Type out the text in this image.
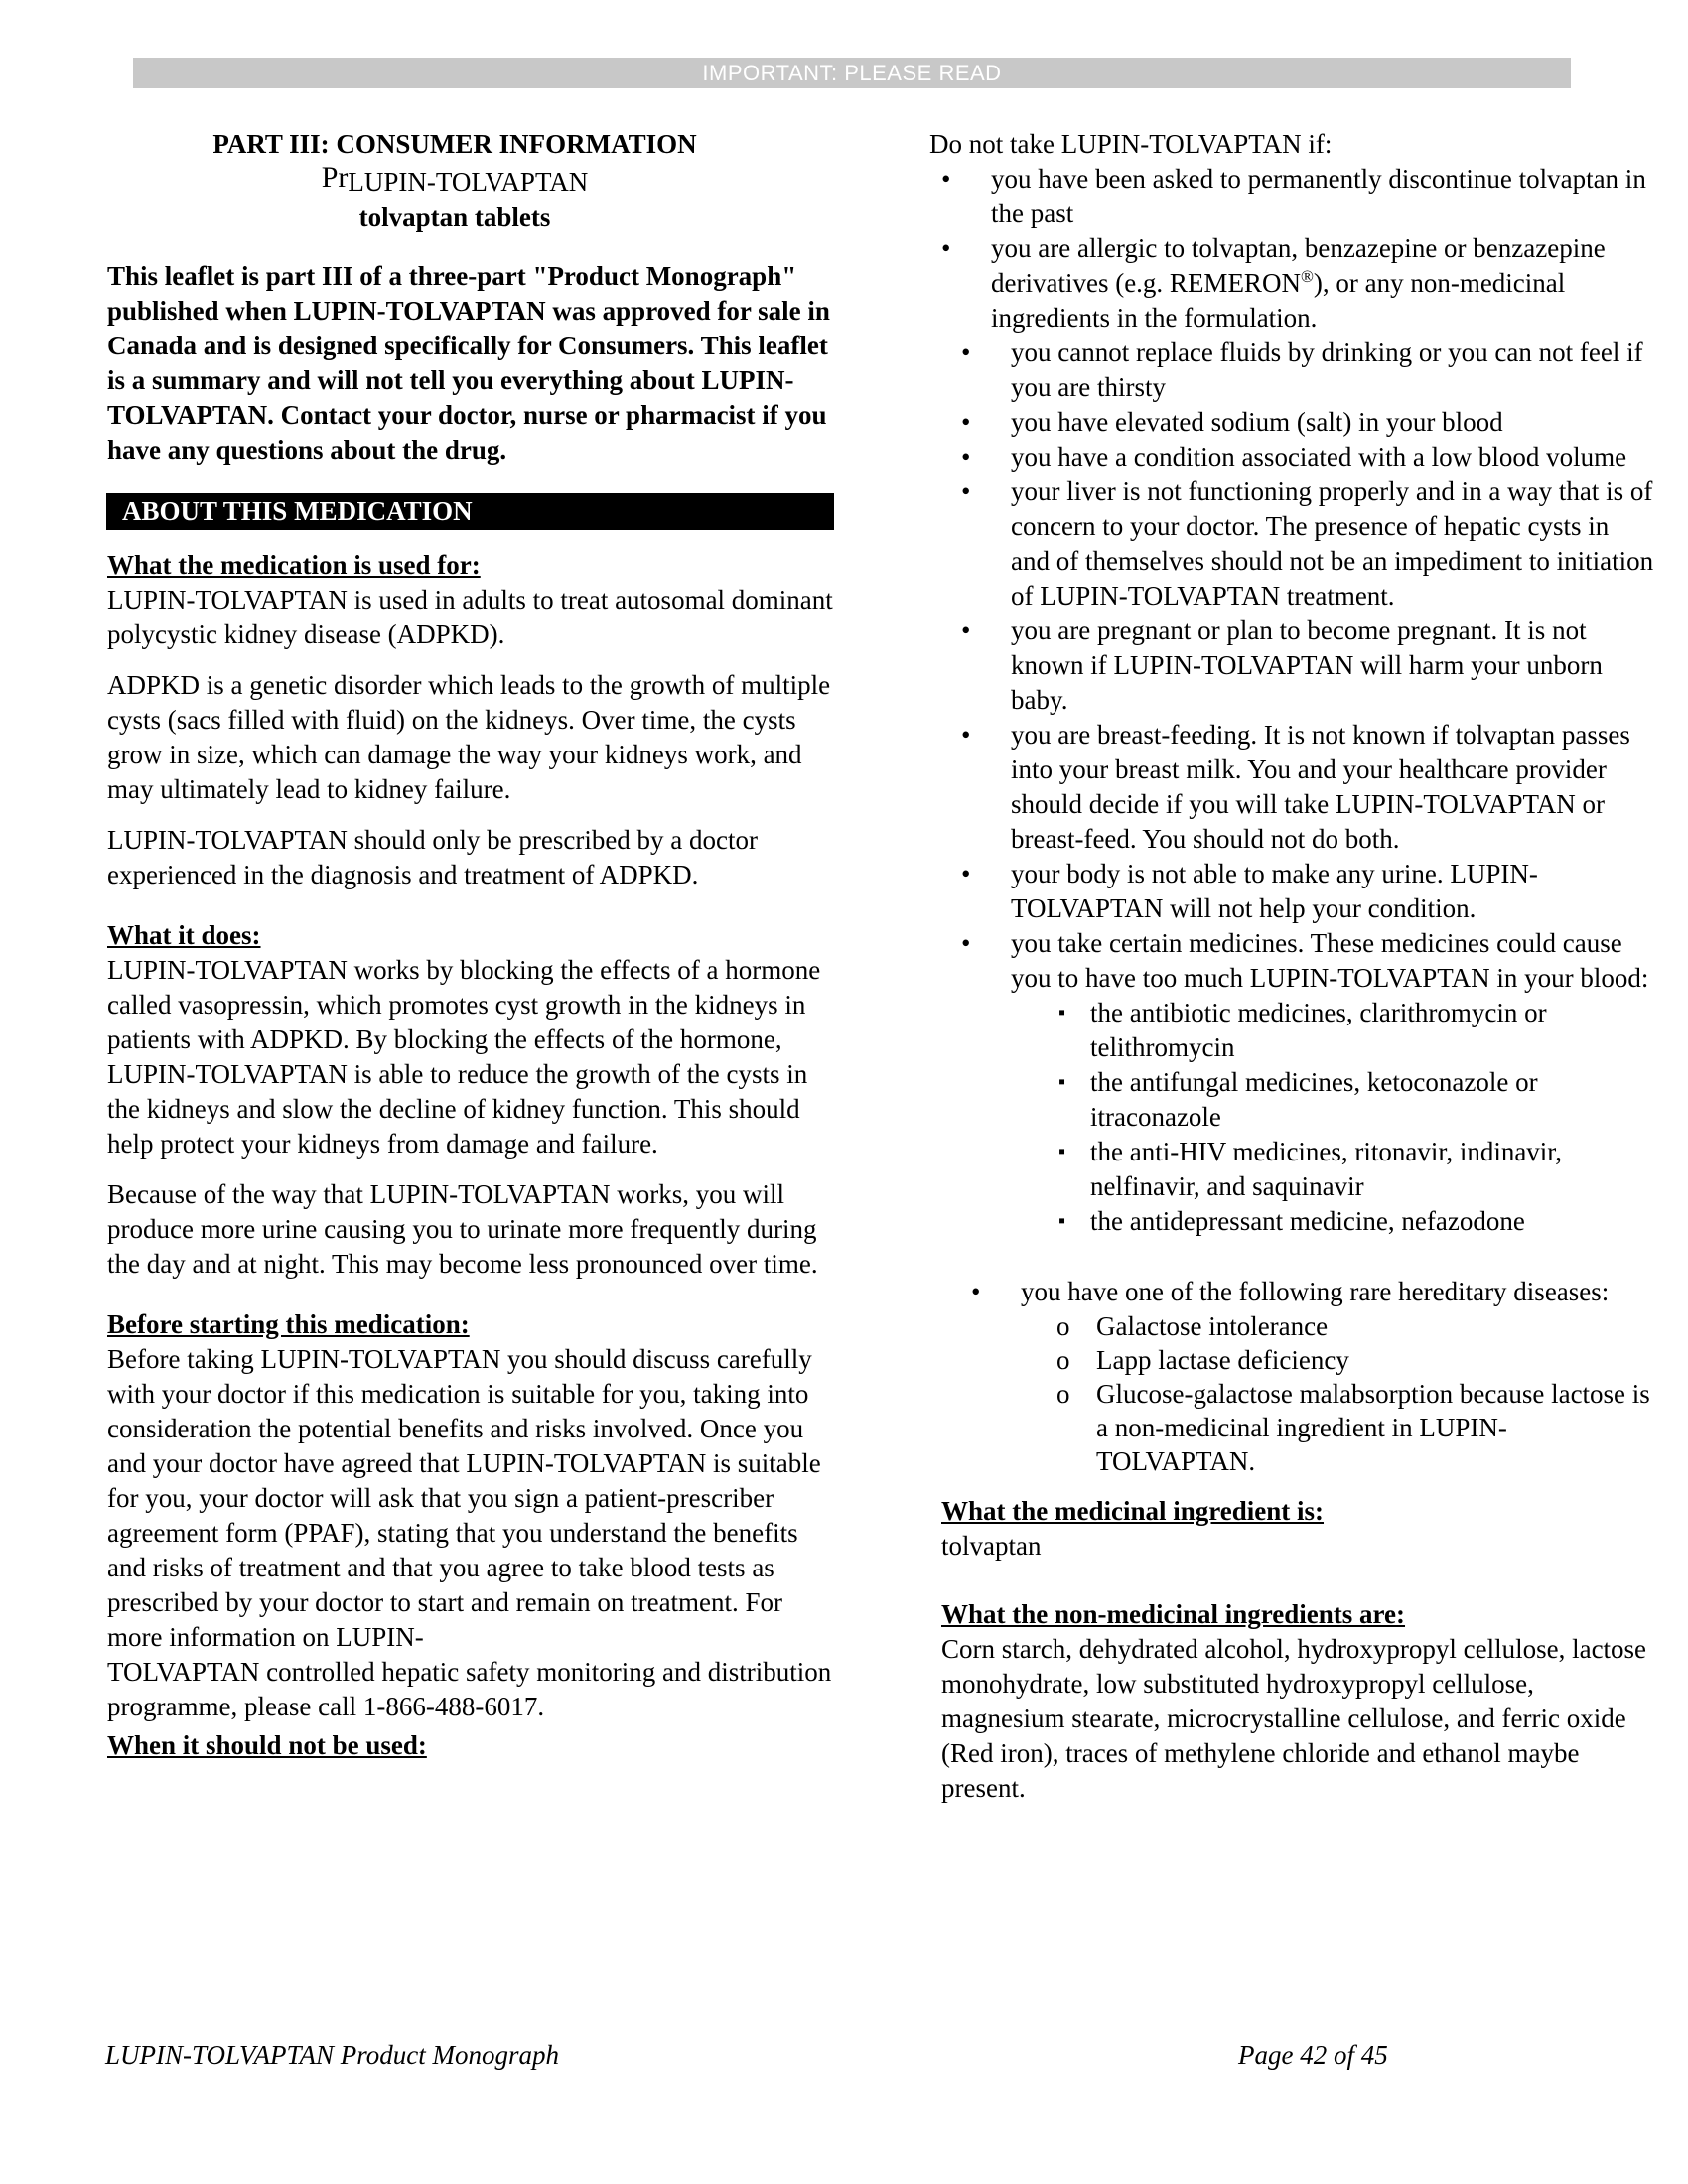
IMPORTANT: PLEASE READ
PART III: CONSUMER INFORMATION
PrLUPIN-TOLVAPTAN
tolvaptan tablets

This leaflet is part III of a three-part "Product Monograph" published when LUPIN-TOLVAPTAN was approved for sale in Canada and is designed specifically for Consumers. This leaflet is a summary and will not tell you everything about LUPIN-TOLVAPTAN. Contact your doctor, nurse or pharmacist if you have any questions about the drug.

ABOUT THIS MEDICATION

What the medication is used for:

LUPIN-TOLVAPTAN is used in adults to treat autosomal dominant polycystic kidney disease (ADPKD).

ADPKD is a genetic disorder which leads to the growth of multiple cysts (sacs filled with fluid) on the kidneys. Over time, the cysts grow in size, which can damage the way your kidneys work, and may ultimately lead to kidney failure.

LUPIN-TOLVAPTAN should only be prescribed by a doctor experienced in the diagnosis and treatment of ADPKD.

What it does:

LUPIN-TOLVAPTAN works by blocking the effects of a hormone called vasopressin, which promotes cyst growth in the kidneys in patients with ADPKD. By blocking the effects of the hormone, LUPIN-TOLVAPTAN is able to reduce the growth of the cysts in the kidneys and slow the decline of kidney function. This should help protect your kidneys from damage and failure.

Because of the way that LUPIN-TOLVAPTAN works, you will produce more urine causing you to urinate more frequently during the day and at night. This may become less pronounced over time.

Before starting this medication:

Before taking LUPIN-TOLVAPTAN you should discuss carefully with your doctor if this medication is suitable for you, taking into consideration the potential benefits and risks involved. Once you and your doctor have agreed that LUPIN-TOLVAPTAN is suitable for you, your doctor will ask that you sign a patient-prescriber agreement form (PPAF), stating that you understand the benefits and risks of treatment and that you agree to take blood tests as prescribed by your doctor to start and remain on treatment. For more information on LUPIN-

TOLVAPTAN controlled hepatic safety monitoring and distribution programme, please call 1-866-488-6017.

When it should not be used:

Do not take LUPIN-TOLVAPTAN if:

• you have been asked to permanently discontinue tolvaptan in the past
• you are allergic to tolvaptan, benzazepine or benzazepine derivatives (e.g. REMERON®), or any non-medicinal ingredients in the formulation.
• you cannot replace fluids by drinking or you can not feel if you are thirsty
• you have elevated sodium (salt) in your blood
• you have a condition associated with a low blood volume
• your liver is not functioning properly and in a way that is of concern to your doctor. The presence of hepatic cysts in and of themselves should not be an impediment to initiation of LUPIN-TOLVAPTAN treatment.
• you are pregnant or plan to become pregnant. It is not known if LUPIN-TOLVAPTAN will harm your unborn baby.
• you are breast-feeding. It is not known if tolvaptan passes into your breast milk. You and your healthcare provider should decide if you will take LUPIN-TOLVAPTAN or breast-feed. You should not do both.
• your body is not able to make any urine. LUPIN-TOLVAPTAN will not help your condition.
• you take certain medicines. These medicines could cause you to have too much LUPIN-TOLVAPTAN in your blood:
▪ the antibiotic medicines, clarithromycin or telithromycin
▪ the antifungal medicines, ketoconazole or itraconazole
▪ the anti-HIV medicines, ritonavir, indinavir, nelfinavir, and saquinavir
▪ the antidepressant medicine, nefazodone
• you have one of the following rare hereditary diseases:
o Galactose intolerance
o Lapp lactase deficiency
o Glucose-galactose malabsorption because lactose is a non-medicinal ingredient in LUPIN-TOLVAPTAN.

What the medicinal ingredient is:

tolvaptan

What the non-medicinal ingredients are:

Corn starch, dehydrated alcohol, hydroxypropyl cellulose, lactose monohydrate, low substituted hydroxypropyl cellulose, magnesium stearate, microcrystalline cellulose, and ferric oxide (Red iron), traces of methylene chloride and ethanol maybe present.

LUPIN-TOLVAPTAN Product Monograph	Page 42 of 45
